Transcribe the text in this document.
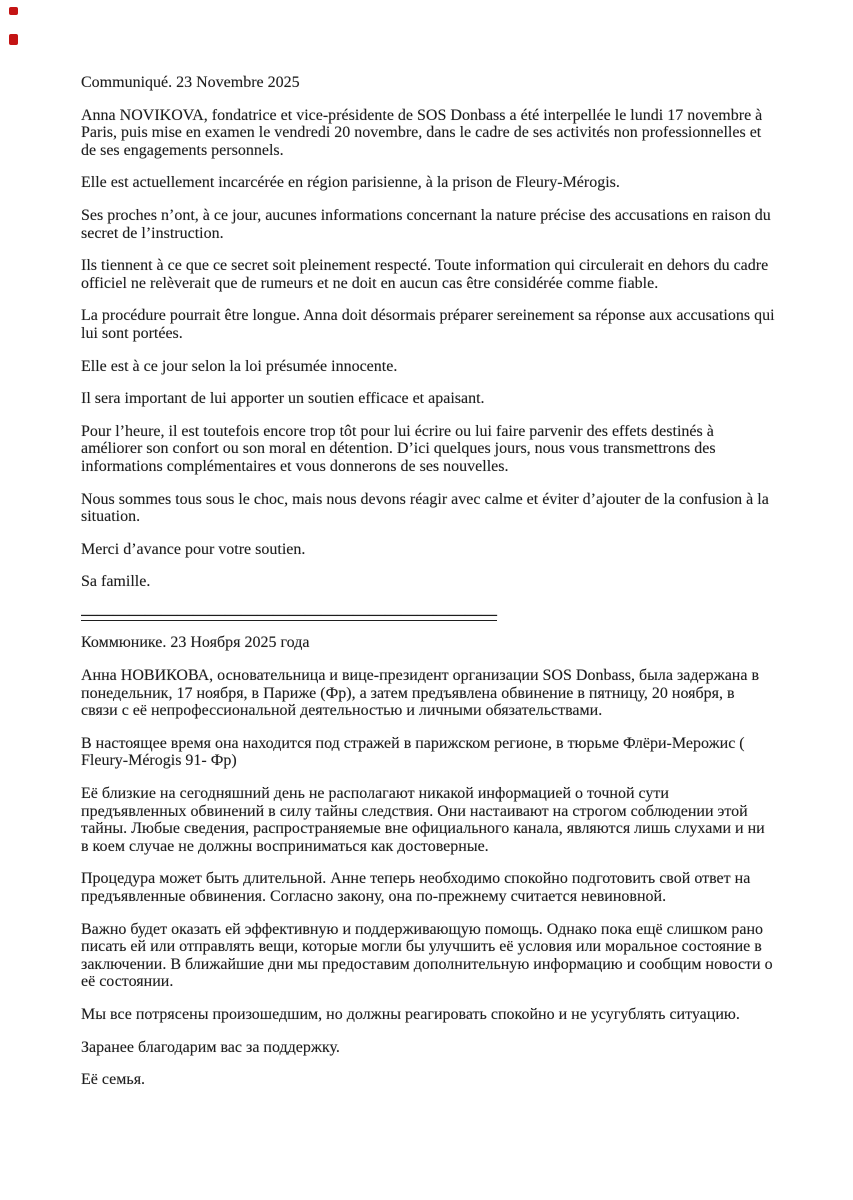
Communiqué. 23 Novembre 2025

Anna NOVIKOVA, fondatrice et vice-présidente de SOS Donbass a été interpellée le lundi 17 novembre à Paris, puis mise en examen le vendredi 20 novembre, dans le cadre de ses activités non professionnelles et de ses engagements personnels.

Elle est actuellement incarcérée en région parisienne, à la prison de Fleury-Mérogis.

Ses proches n’ont, à ce jour, aucunes informations concernant la nature précise des accusations en raison du secret de l’instruction.

Ils tiennent à ce que ce secret soit pleinement respecté. Toute information qui circulerait en dehors du cadre officiel ne relèverait que de rumeurs et ne doit en aucun cas être considérée comme fiable.

La procédure pourrait être longue. Anna doit désormais préparer sereinement sa réponse aux accusations qui lui sont portées.

Elle est à ce jour selon la loi présumée innocente.

Il sera important de lui apporter un soutien efficace et apaisant.

Pour l’heure, il est toutefois encore trop tôt pour lui écrire ou lui faire parvenir des effets destinés à améliorer son confort ou son moral en détention. D’ici quelques jours, nous vous transmettrons des informations complémentaires et vous donnerons de ses nouvelles.

Nous sommes tous sous le choc, mais nous devons réagir avec calme et éviter d’ajouter de la confusion à la situation.

Merci d’avance pour votre soutien.

Sa famille.

——————————————————————————

Коммюнике. 23 Ноября 2025 года

Анна НОВИКОВА, основательница и вице-президент организации SOS Donbass, была задержана в понедельник, 17 ноября, в Париже (Фр), а затем предъявлена обвинение в пятницу, 20 ноября, в связи с её непрофессиональной деятельностью и личными обязательствами.

В настоящее время она находится под стражей в парижском регионе, в тюрьме Флёри-Мерожис ( Fleury-Mérogis 91- Фр)

Её близкие на сегодняшний день не располагают никакой информацией о точной сути предъявленных обвинений в силу тайны следствия. Они настаивают на строгом соблюдении этой тайны. Любые сведения, распространяемые вне официального канала, являются лишь слухами и ни в коем случае не должны восприниматься как достоверные.

Процедура может быть длительной. Анне теперь необходимо спокойно подготовить свой ответ на предъявленные обвинения. Согласно закону, она по-прежнему считается невиновной.

Важно будет оказать ей эффективную и поддерживающую помощь. Однако пока ещё слишком рано писать ей или отправлять вещи, которые могли бы улучшить её условия или моральное состояние в заключении. В ближайшие дни мы предоставим дополнительную информацию и сообщим новости о её состоянии.

Мы все потрясены произошедшим, но должны реагировать спокойно и не усугублять ситуацию.

Заранее благодарим вас за поддержку.

Её семья.
